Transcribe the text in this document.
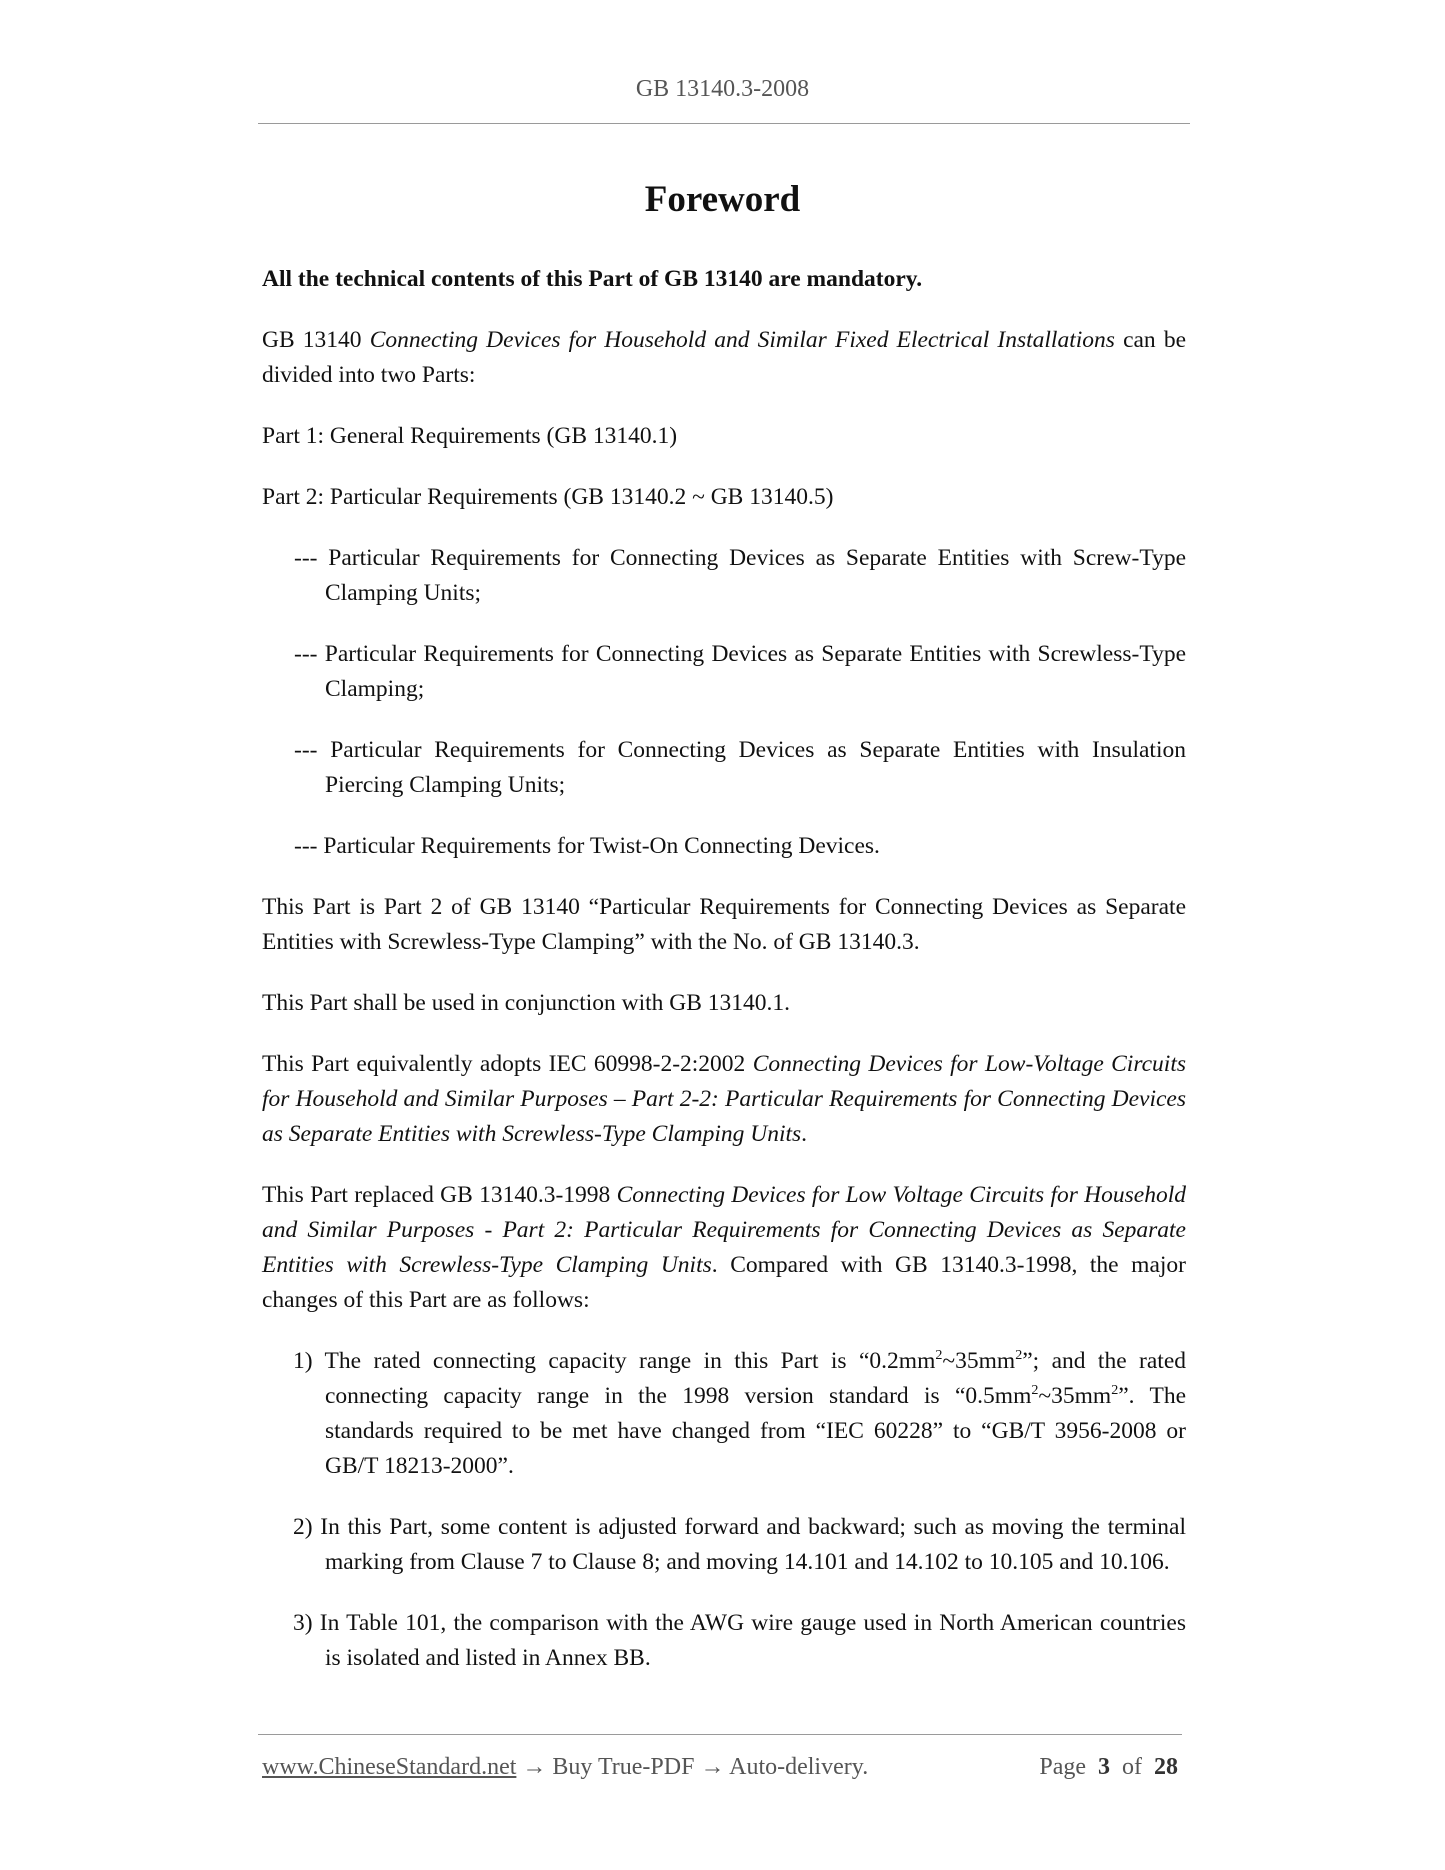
GB 13140.3-2008
Foreword

All the technical contents of this Part of GB 13140 are mandatory.

GB 13140 Connecting Devices for Household and Similar Fixed Electrical Installations can be divided into two Parts:

Part 1: General Requirements (GB 13140.1)

Part 2: Particular Requirements (GB 13140.2 ~ GB 13140.5)

--- Particular Requirements for Connecting Devices as Separate Entities with Screw-Type Clamping Units;

--- Particular Requirements for Connecting Devices as Separate Entities with Screwless-Type Clamping;

--- Particular Requirements for Connecting Devices as Separate Entities with Insulation Piercing Clamping Units;

--- Particular Requirements for Twist-On Connecting Devices.

This Part is Part 2 of GB 13140 “Particular Requirements for Connecting Devices as Separate Entities with Screwless-Type Clamping” with the No. of GB 13140.3.

This Part shall be used in conjunction with GB 13140.1.

This Part equivalently adopts IEC 60998-2-2:2002 Connecting Devices for Low-Voltage Circuits for Household and Similar Purposes – Part 2-2: Particular Requirements for Connecting Devices as Separate Entities with Screwless-Type Clamping Units.

This Part replaced GB 13140.3-1998 Connecting Devices for Low Voltage Circuits for Household and Similar Purposes - Part 2: Particular Requirements for Connecting Devices as Separate Entities with Screwless-Type Clamping Units. Compared with GB 13140.3-1998, the major changes of this Part are as follows:

1) The rated connecting capacity range in this Part is “$0.2mm^2\sim 35mm^2$”; and the rated connecting capacity range in the 1998 version standard is “$0.5mm^2\sim 35mm^2$”. The standards required to be met have changed from “IEC 60228” to “GB/T 3956-2008 or GB/T 18213-2000”.

2) In this Part, some content is adjusted forward and backward; such as moving the terminal marking from Clause 7 to Clause 8; and moving 14.101 and 14.102 to 10.105 and 10.106.

3) In Table 101, the comparison with the AWG wire gauge used in North American countries is isolated and listed in Annex BB.

www.ChineseStandard.net → Buy True-PDF → Auto-delivery.	Page 3 of 28
